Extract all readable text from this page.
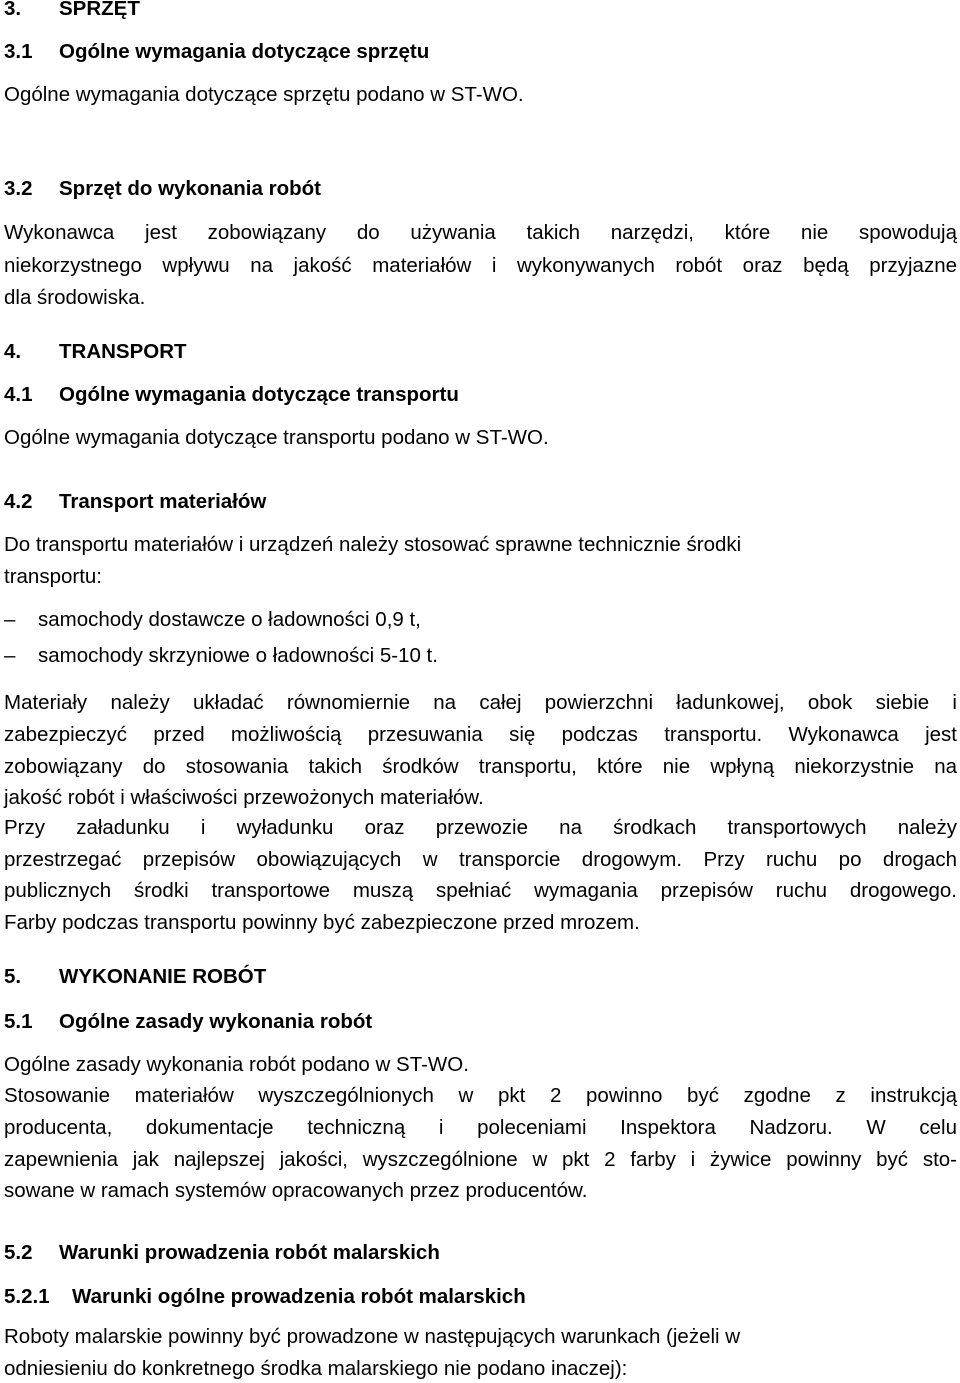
3. SPRZĘT
3.1 Ogólne wymagania dotyczące sprzętu
Ogólne wymagania dotyczące sprzętu podano w ST-WO.
3.2 Sprzęt do wykonania robót
Wykonawca jest zobowiązany do używania takich narzędzi, które nie spowodują
niekorzystnego wpływu na jakość materiałów i wykonywanych robót oraz będą przyjazne
dla środowiska.
4. TRANSPORT
4.1 Ogólne wymagania dotyczące transportu
Ogólne wymagania dotyczące transportu podano w ST-WO.
4.2 Transport materiałów
Do transportu materiałów i urządzeń należy stosować sprawne technicznie środki
transportu:
– samochody dostawcze o ładowności 0,9 t,
– samochody skrzyniowe o ładowności 5-10 t.
Materiały należy układać równomiernie na całej powierzchni ładunkowej, obok siebie i
zabezpieczyć przed możliwością przesuwania się podczas transportu. Wykonawca jest
zobowiązany do stosowania takich środków transportu, które nie wpłyną niekorzystnie na
jakość robót i właściwości przewożonych materiałów.
Przy załadunku i wyładunku oraz przewozie na środkach transportowych należy
przestrzegać przepisów obowiązujących w transporcie drogowym. Przy ruchu po drogach
publicznych środki transportowe muszą spełniać wymagania przepisów ruchu drogowego.
Farby podczas transportu powinny być zabezpieczone przed mrozem.
5. WYKONANIE ROBÓT
5.1 Ogólne zasady wykonania robót
Ogólne zasady wykonania robót podano w ST-WO.
Stosowanie materiałów wyszczególnionych w pkt 2 powinno być zgodne z instrukcją
producenta, dokumentacje techniczną i poleceniami Inspektora Nadzoru. W celu
zapewnienia jak najlepszej jakości, wyszczególnione w pkt 2 farby i żywice powinny być sto-
sowane w ramach systemów opracowanych przez producentów.
5.2 Warunki prowadzenia robót malarskich
5.2.1 Warunki ogólne prowadzenia robót malarskich
Roboty malarskie powinny być prowadzone w następujących warunkach (jeżeli w
odniesieniu do konkretnego środka malarskiego nie podano inaczej):
